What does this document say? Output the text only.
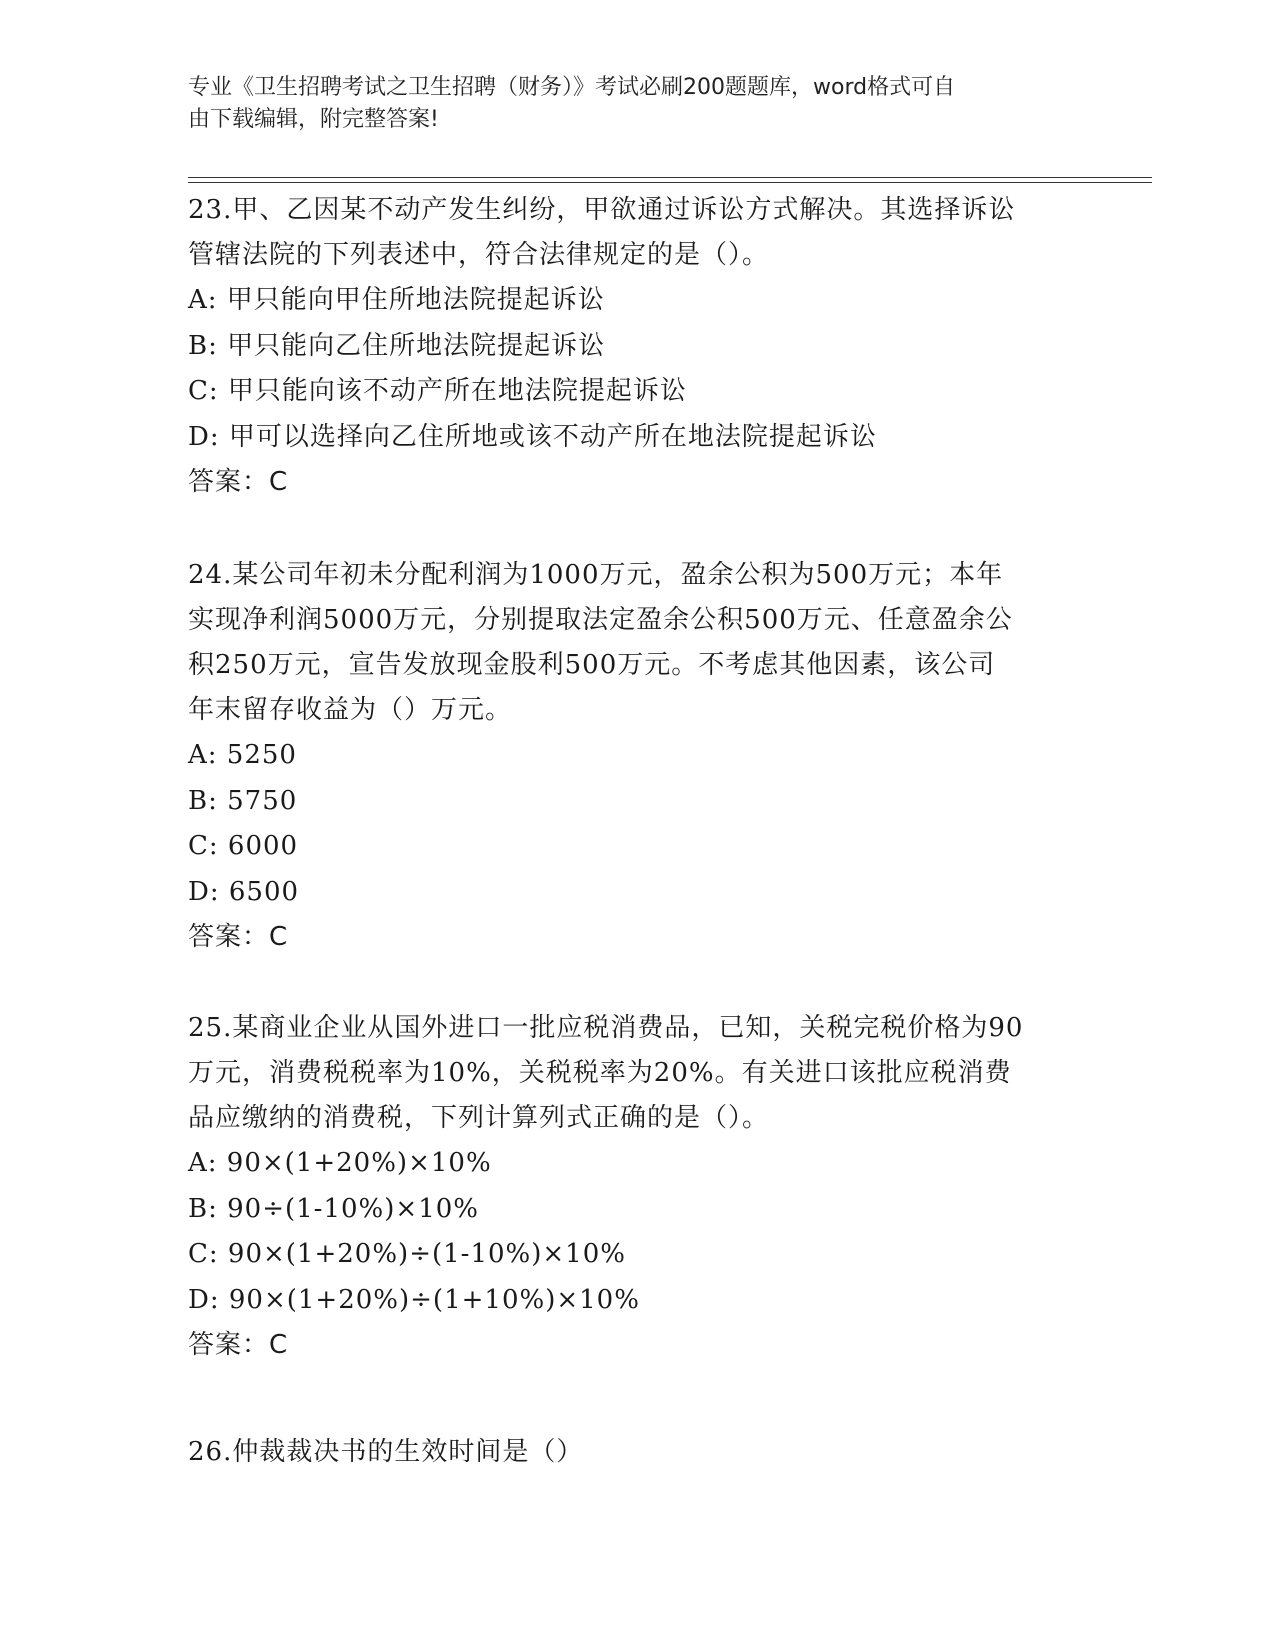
专业《卫生招聘考试之卫生招聘（财务）》考试必刷200题题库，word格式可自
由下载编辑，附完整答案!
23.甲、乙因某不动产发生纠纷，甲欲通过诉讼方式解决。其选择诉讼
管辖法院的下列表述中，符合法律规定的是（）。
A: 甲只能向甲住所地法院提起诉讼
B: 甲只能向乙住所地法院提起诉讼
C: 甲只能向该不动产所在地法院提起诉讼
D: 甲可以选择向乙住所地或该不动产所在地法院提起诉讼
答案：C
24.某公司年初未分配利润为1000万元，盈余公积为500万元；本年
实现净利润5000万元，分别提取法定盈余公积500万元、任意盈余公
积250万元，宣告发放现金股利500万元。不考虑其他因素，该公司
年末留存收益为（）万元。
A: 5250
B: 5750
C: 6000
D: 6500
答案：C
25.某商业企业从国外进口一批应税消费品，已知，关税完税价格为90
万元，消费税税率为10%，关税税率为20%。有关进口该批应税消费
品应缴纳的消费税，下列计算列式正确的是（）。
A: 90×(1+20%)×10%
B: 90÷(1-10%)×10%
C: 90×(1+20%)÷(1-10%)×10%
D: 90×(1+20%)÷(1+10%)×10%
答案：C
26.仲裁裁决书的生效时间是（）
